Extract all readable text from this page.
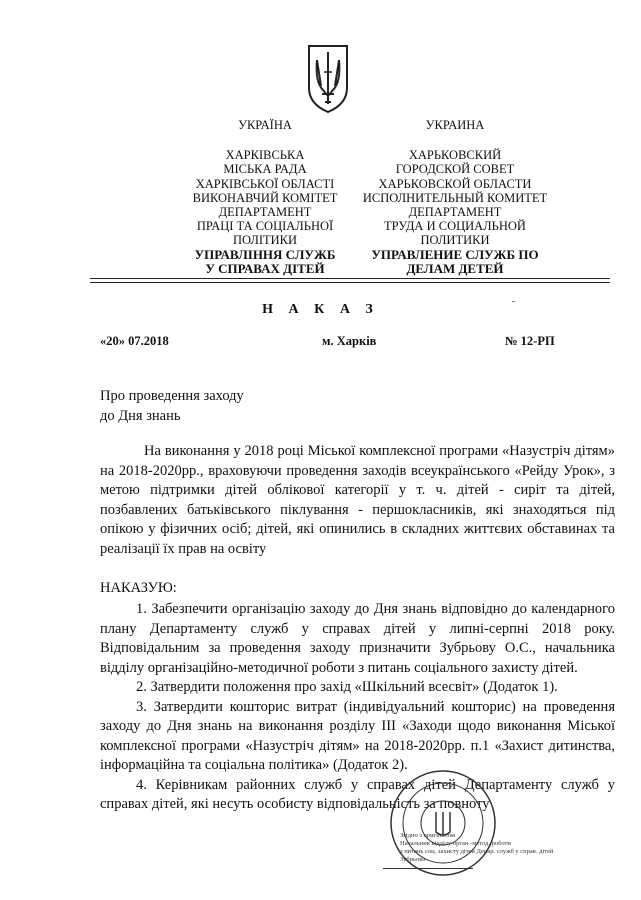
УКРАЇНА
ХАРКІВСЬКА
МІСЬКА РАДА
ХАРКІВСЬКОЇ ОБЛАСТІ
ВИКОНАВЧИЙ КОМІТЕТ
ДЕПАРТАМЕНТ
ПРАЦІ ТА СОЦІАЛЬНОЇ
ПОЛІТИКИ
УПРАВЛІННЯ СЛУЖБ
У СПРАВАХ ДІТЕЙ
УКРАИНА
ХАРЬКОВСКИЙ
ГОРОДСКОЙ СОВЕТ
ХАРЬКОВСКОЙ ОБЛАСТИ
ИСПОЛНИТЕЛЬНЫЙ КОМИТЕТ
ДЕПАРТАМЕНТ
ТРУДА И СОЦИАЛЬНОЙ
ПОЛИТИКИ
УПРАВЛЕНИЕ СЛУЖБ ПО
ДЕЛАМ ДЕТЕЙ
Н А К А З
«20» 07.2018	м. Харків	№ 12-РП
Про проведення заходу
до Дня знань
На виконання у 2018 році Міської комплексної програми «Назустріч дітям» на 2018-2020рр., враховуючи проведення заходів всеукраїнського «Рейду Урок», з метою підтримки дітей облікової категорії у т. ч. дітей - сиріт та дітей, позбавлених батьківського піклування - першокласників, які знаходяться під опікою у фізичних осіб; дітей, які опинились в складних життєвих обставинах та реалізації їх прав на освіту
НАКАЗУЮ:

1. Забезпечити організацію заходу до Дня знань відповідно до календарного плану Департаменту служб у справах дітей у липні-серпні 2018 року. Відповідальним за проведення заходу призначити Зубрьову О.С., начальника відділу організаційно-методичної роботи з питань соціального захисту дітей.

2. Затвердити положення про захід «Шкільний всесвіт» (Додаток 1).

3. Затвердити кошторис витрат (індивідуальний кошторис) на проведення заходу до Дня знань на виконання розділу III «Заходи щодо виконання Міської комплексної програми «Назустріч дітям» на 2018-2020рр. п.1 «Захист дитинства, інформаційна та соціальна політика» (Додаток 2).

4. Керівникам районних служб у справах дітей Департаменту служб у справах дітей, які несуть особисту відповідальність за повноту

Згідно з оригіналом
Начальник відділу орган.-метод. роботи
з питань соц. захисту дітей Депар. служб у справ. дітей
Зубрьова
